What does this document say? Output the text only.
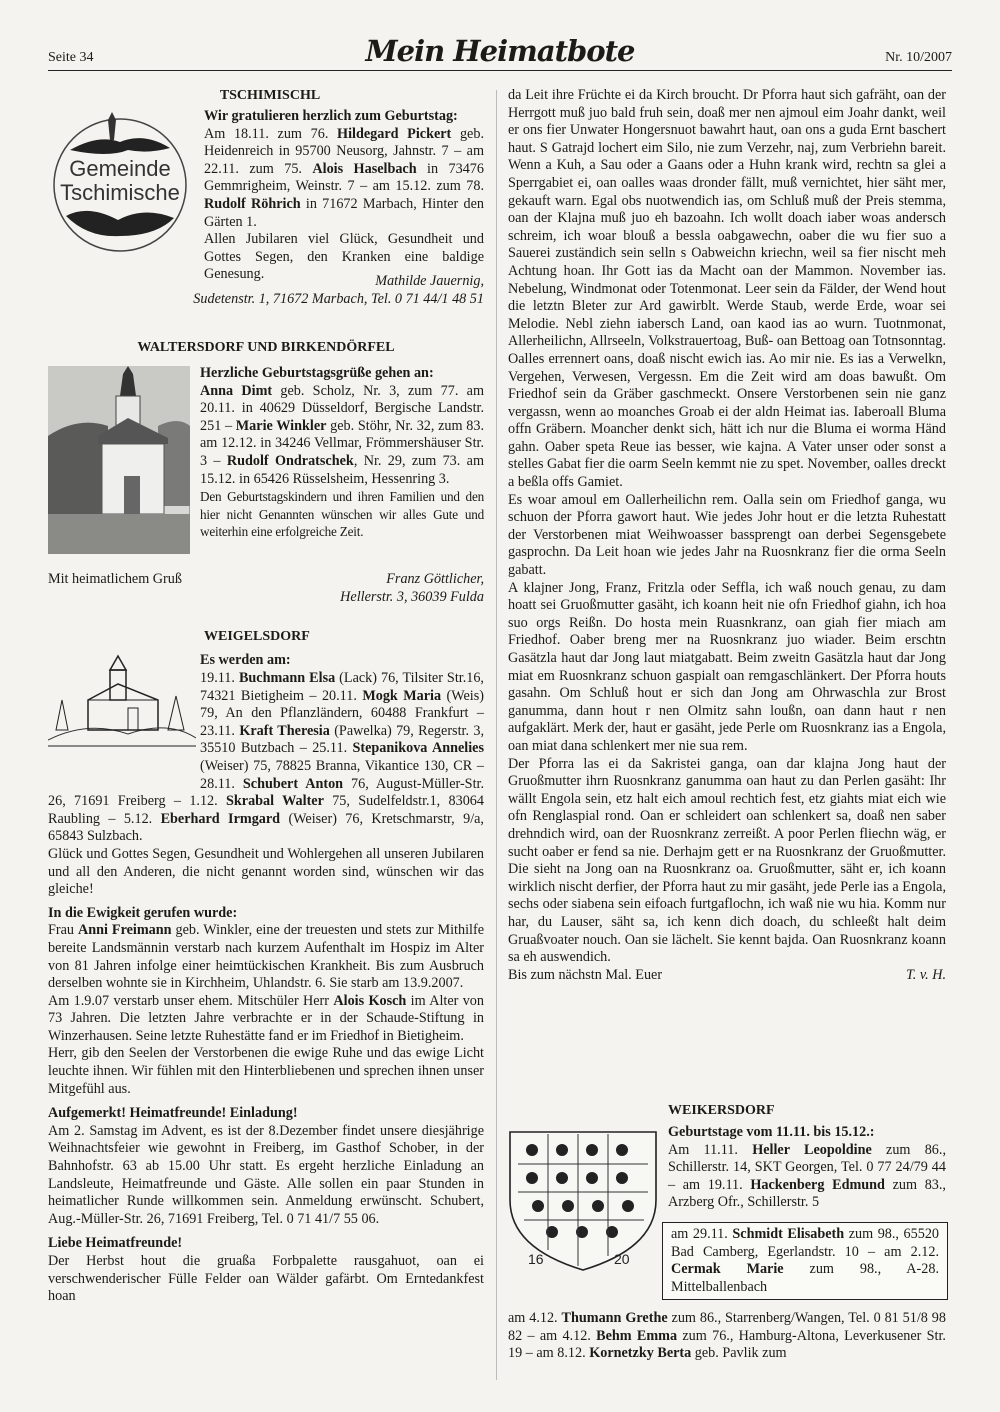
Seite 34	Mein Heimatbote	Nr. 10/2007
Gemeinde
Tschimische
TSCHIMISCHL

Wir gratulieren herzlich zum Geburtstag:

Am 18.11. zum 76. Hildegard Pickert geb. Heidenreich in 95700 Neusorg, Jahnstr. 7 – am 22.11. zum 75. Alois Haselbach in 73476 Gemmrigheim, Weinstr. 7 – am 15.12. zum 78. Rudolf Röhrich in 71672 Marbach, Hinter den Gärten 1.

Allen Jubilaren viel Glück, Gesundheit und Gottes Segen, den Kranken eine baldige Genesung.	Mathilde Jauernig,
Sudetenstr. 1, 71672 Marbach, Tel. 0 71 44/1 48 51
WALTERSDORF UND BIRKENDÖRFEL

Herzliche Geburtstagsgrüße gehen an:

Anna Dimt geb. Scholz, Nr. 3, zum 77. am 20.11. in 40629 Düsseldorf, Bergische Landstr. 251 – Marie Winkler geb. Stöhr, Nr. 32, zum 83. am 12.12. in 34246 Vellmar, Frömmershäuser Str. 3 – Rudolf Ondratschek, Nr. 29, zum 73. am 15.12. in 65426 Rüsselsheim, Hessenring 3.

Den Geburtstagskindern und ihren Familien und den hier nicht Genannten wünschen wir alles Gute und weiterhin eine erfolgreiche Zeit.

Mit heimatlichem Gruß	Franz Göttlicher,
Hellerstr. 3, 36039 Fulda
WEIGELSDORF

Es werden am:

19.11. Buchmann Elsa (Lack) 76, Tilsiter Str.16, 74321 Bietigheim – 20.11. Mogk Maria (Weis) 79, An den Pflanzländern, 60488 Frankfurt – 23.11. Kraft Theresia (Pawelka) 79, Regerstr. 3, 35510 Butzbach – 25.11. Stepanikova Annelies (Weiser) 75, 78825 Branna, Vikantice 130, CR – 28.11. Schubert Anton 76, August-Müller-Str. 26, 71691 Freiberg – 1.12. Skrabal Walter 75, Sudelfeldstr.1, 83064 Raubling – 5.12. Eberhard Irmgard (Weiser) 76, Kretschmarstr, 9/a, 65843 Sulzbach.

Glück und Gottes Segen, Gesundheit und Wohlergehen all unseren Jubilaren und all den Anderen, die nicht genannt worden sind, wünschen wir das gleiche!

In die Ewigkeit gerufen wurde:

Frau Anni Freimann geb. Winkler, eine der treuesten und stets zur Mithilfe bereite Landsmännin verstarb nach kurzem Aufenthalt im Hospiz im Alter von 81 Jahren infolge einer heimtückischen Krankheit. Bis zum Ausbruch derselben wohnte sie in Kirchheim, Uhlandstr. 6. Sie starb am 13.9.2007.

Am 1.9.07 verstarb unser ehem. Mitschüler Herr Alois Kosch im Alter von 73 Jahren. Die letzten Jahre verbrachte er in der Schaude-Stiftung in Winzerhausen. Seine letzte Ruhestätte fand er im Friedhof in Bietigheim.

Herr, gib den Seelen der Verstorbenen die ewige Ruhe und das ewige Licht leuchte ihnen. Wir fühlen mit den Hinterbliebenen und sprechen ihnen unser Mitgefühl aus.

Aufgemerkt! Heimatfreunde! Einladung!

Am 2. Samstag im Advent, es ist der 8.Dezember findet unsere diesjährige Weihnachtsfeier wie gewohnt in Freiberg, im Gasthof Schober, in der Bahnhofstr. 63 ab 15.00 Uhr statt. Es ergeht herzliche Einladung an Landsleute, Heimatfreunde und Gäste. Alle sollen ein paar Stunden in heimatlicher Runde willkommen sein. Anmeldung erwünscht. Schubert, Aug.-Müller-Str. 26, 71691 Freiberg, Tel. 0 71 41/7 55 06.

Liebe Heimatfreunde!

Der Herbst hout die gruaßa Forbpalette rausgahuot, oan ei verschwenderischer Fülle Felder oan Wälder gafärbt. Om Erntedankfest hoan

da Leit ihre Früchte ei da Kirch broucht. Dr Pforra haut sich gafräht, oan der Herrgott muß juo bald fruh sein, doaß mer nen ajmoul eim Joahr dankt, weil er ons fier Unwater Hongersnuot bawahrt haut, oan ons a guda Ernt baschert haut. S Gatrajd lochert eim Silo, nie zum Verzehr, naj, zum Verbriehn bareit. Wenn a Kuh, a Sau oder a Gaans oder a Huhn krank wird, rechtn sa glei a Sperrgabiet ei, oan oalles waas dronder fällt, muß vernichtet, hier säht mer, gekauft warn. Egal obs nuotwendich ias, om Schluß muß der Preis stemma, oan der Klajna muß juo eh bazoahn. Ich wollt doach iaber woas andersch schreim, ich woar blouß a bessla oabgawechn, oaber die wu fier suo a Sauerei zuständich sein selln s Oabweichn kriechn, weil sa fier nischt meh Achtung hoan. Ihr Gott ias da Macht oan der Mammon. November ias. Nebelung, Windmonat oder Totenmonat. Leer sein da Fälder, der Wend hout die letztn Bleter zur Ard gawirblt. Werde Staub, werde Erde, woar sei Melodie. Nebl ziehn iabersch Land, oan kaod ias ao wurn. Tuotnmonat, Allerheilichn, Allrseeln, Volkstrauertoag, Buß- oan Bettoag oan Totnsonntag. Oalles errennert oans, doaß nischt ewich ias. Ao mir nie. Es ias a Verwelkn, Vergehen, Verwesen, Vergessn. Em die Zeit wird am doas bawußt. Om Friedhof sein da Gräber gaschmeckt. Onsere Verstorbenen sein nie ganz vergassn, wenn ao moanches Groab ei der aldn Heimat ias. Iaberoall Bluma offn Gräbern. Moancher denkt sich, hätt ich nur die Bluma ei worma Händ gahn. Oaber speta Reue ias besser, wie kajna. A Vater unser oder sonst a stelles Gabat fier die oarm Seeln kemmt nie zu spet. November, oalles dreckt a beßla offs Gamiet.

Es woar amoul em Oallerheilichn rem. Oalla sein om Friedhof ganga, wu schuon der Pforra gawort haut. Wie jedes Johr hout er die letzta Ruhestatt der Verstorbenen miat Weihwoasser bassprengt oan derbei Segensgebete gasprochn. Da Leit hoan wie jedes Jahr na Ruosnkranz fier die orma Seeln gabatt.

A klajner Jong, Franz, Fritzla oder Seffla, ich waß nouch genau, zu dam hoatt sei Gruoßmutter gasäht, ich koann heit nie ofn Friedhof giahn, ich hoa suo orgs Reißn. Do hosta mein Ruasnkranz, oan giah fier miach am Friedhof. Oaber breng mer na Ruosnkranz juo wiader. Beim erschtn Gasätzla haut dar Jong laut miatgabatt. Beim zweitn Gasätzla haut dar Jong miat em Ruosnkranz schuon gaspialt oan remgaschlänkert. Der Pforra houts gasahn. Om Schluß hout er sich dan Jong am Ohrwaschla zur Brost ganumma, dann hout r nen Olmitz sahn loußn, oan dann haut r nen aufgaklärt. Merk der, haut er gasäht, jede Perle om Ruosnkranz ias a Engola, oan miat dana schlenkert mer nie sua rem.

Der Pforra las ei da Sakristei ganga, oan dar klajna Jong haut der Gruoßmutter ihrn Ruosnkranz ganumma oan haut zu dan Perlen gasäht: Ihr wällt Engola sein, etz halt eich amoul rechtich fest, etz giahts miat eich wie ofn Renglaspial rond. Oan er schleidert oan schlenkert sa, doaß nen saber drehndich wird, oan der Ruosnkranz zerreißt. A poor Perlen fliechn wäg, er sucht oaber er fend sa nie. Derhajm gett er na Ruosnkranz der Gruoßmutter. Die sieht na Jong oan na Ruosnkranz oa. Gruoßmutter, säht er, ich koann wirklich nischt derfier, der Pforra haut zu mir gasäht, jede Perle ias a Engola, sechs oder siabena sein eifoach furtgaflochn, ich waß nie wu hia. Komm nur har, du Lauser, säht sa, ich kenn dich doach, du schleeßt halt deim Gruaßvoater nouch. Oan sie lächelt. Sie kennt bajda. Oan Ruosnkranz koann sa eh auswendich.

Bis zum nächstn Mal. Euer	T. v. H.

WEIKERSDORF
16	20

Geburtstage vom 11.11. bis 15.12.:

Am 11.11. Heller Leopoldine zum 86., Schillerstr. 14, SKT Georgen, Tel. 0 77 24/79 44 – am 19.11. Hackenberg Edmund zum 83., Arzberg Ofr., Schillerstr. 5

am 29.11. Schmidt Elisabeth zum 98., 65520 Bad Camberg, Egerlandstr. 10 – am 2.12. Cermak Marie zum 98., A-28. Mittelballenbach
am 4.12. Thumann Grethe zum 86., Starrenberg/Wangen, Tel. 0 81 51/8 98 82 – am 4.12. Behm Emma zum 76., Hamburg-Altona, Leverkusener Str. 19 – am 8.12. Kornetzky Berta geb. Pavlik zum
